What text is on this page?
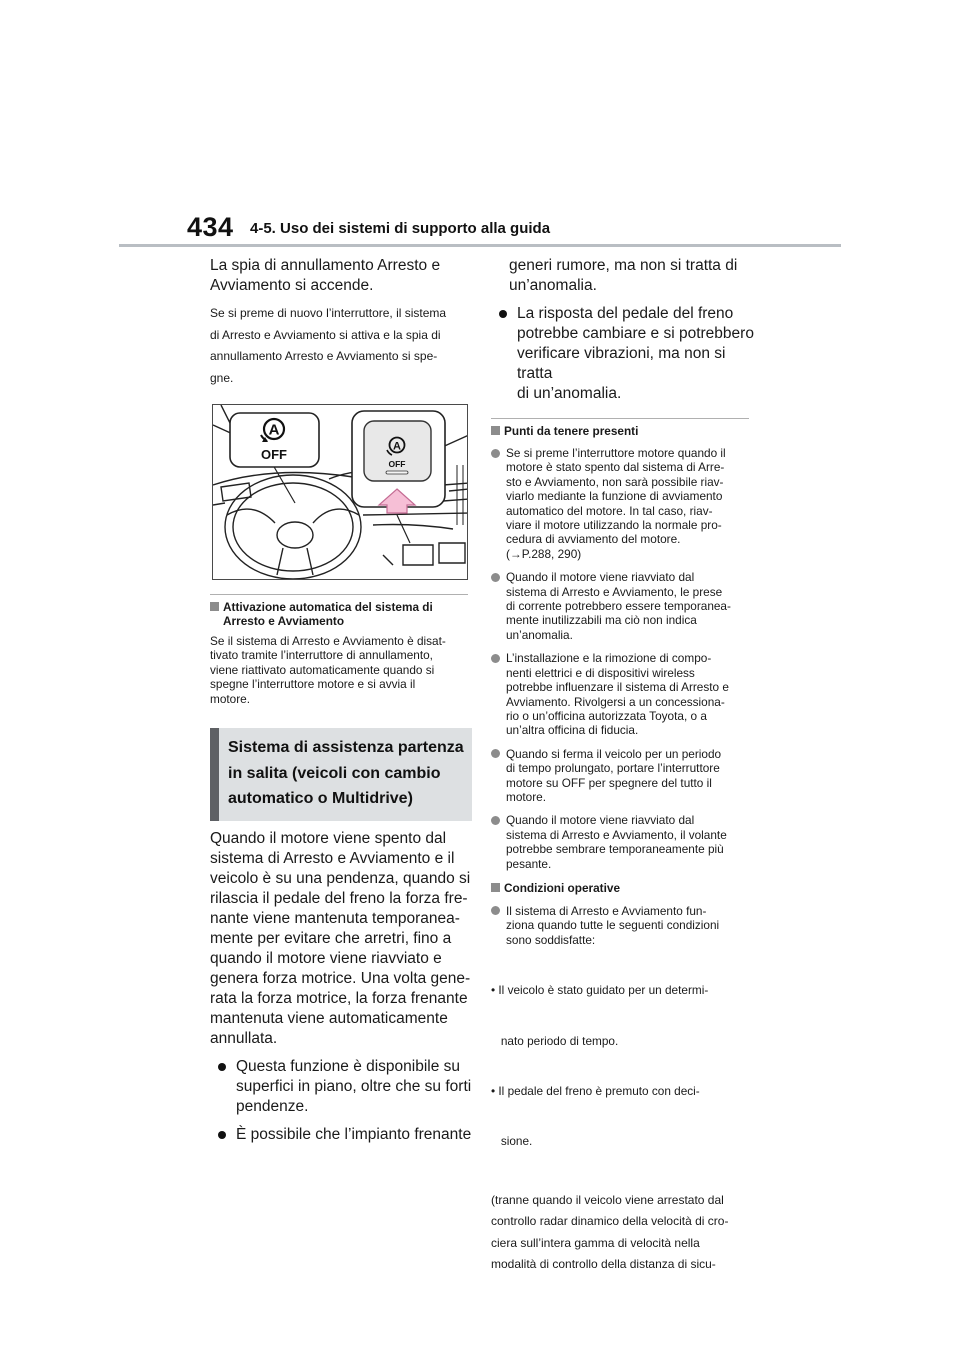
434 4-5. Uso dei sistemi di supporto alla guida

La spia di annullamento Arresto e

Avviamento si accende.

Se si preme di nuovo l’interruttore, il sistema

di Arresto e Avviamento si attiva e la spia di

annullamento Arresto e Avviamento si spe-

gne.

A
OFF
A
OFF
Attivazione automatica del sistema di
Arresto e Avviamento

Se il sistema di Arresto e Avviamento è disat-

tivato tramite l’interruttore di annullamento,

viene riattivato automaticamente quando si

spegne l’interruttore motore e si avvia il

motore.

Sistema di assistenza partenza
in salita (veicoli con cambio
automatico o Multidrive)

Quando il motore viene spento dal

sistema di Arresto e Avviamento e il

veicolo è su una pendenza, quando si

rilascia il pedale del freno la forza fre-

nante viene mantenuta temporanea-

mente per evitare che arretri, fino a

quando il motore viene riavviato e

genera forza motrice. Una volta gene-

rata la forza motrice, la forza frenante

mantenuta viene automaticamente

annullata.

Questa funzione è disponibile su

superfici in piano, oltre che su forti

pendenze.

È possibile che l’impianto frenante

generi rumore, ma non si tratta di

un’anomalia.

La risposta del pedale del freno

potrebbe cambiare e si potrebbero

verificare vibrazioni, ma non si tratta

di un’anomalia.

Punti da tenere presenti

Se si preme l’interruttore motore quando il

motore è stato spento dal sistema di Arre-

sto e Avviamento, non sarà possibile riav-

viarlo mediante la funzione di avviamento

automatico del motore. In tal caso, riav-

viare il motore utilizzando la normale pro-

cedura di avviamento del motore.

(→P.288, 290)

Quando il motore viene riavviato dal

sistema di Arresto e Avviamento, le prese

di corrente potrebbero essere temporanea-

mente inutilizzabili ma ciò non indica

un’anomalia.

L’installazione e la rimozione di compo-

nenti elettrici e di dispositivi wireless

potrebbe influenzare il sistema di Arresto e

Avviamento. Rivolgersi a un concessiona-

rio o un’officina autorizzata Toyota, o a

un’altra officina di fiducia.

Quando si ferma il veicolo per un periodo

di tempo prolungato, portare l’interruttore

motore su OFF per spegnere del tutto il

motore.

Quando il motore viene riavviato dal

sistema di Arresto e Avviamento, il volante

potrebbe sembrare temporaneamente più

pesante.

Condizioni operative

Il sistema di Arresto e Avviamento fun-

ziona quando tutte le seguenti condizioni

sono soddisfatte:

• Il veicolo è stato guidato per un determi-

nato periodo di tempo.

• Il pedale del freno è premuto con deci-

sione.

(tranne quando il veicolo viene arrestato dal

controllo radar dinamico della velocità di cro-

ciera sull’intera gamma di velocità nella

modalità di controllo della distanza di sicu-
